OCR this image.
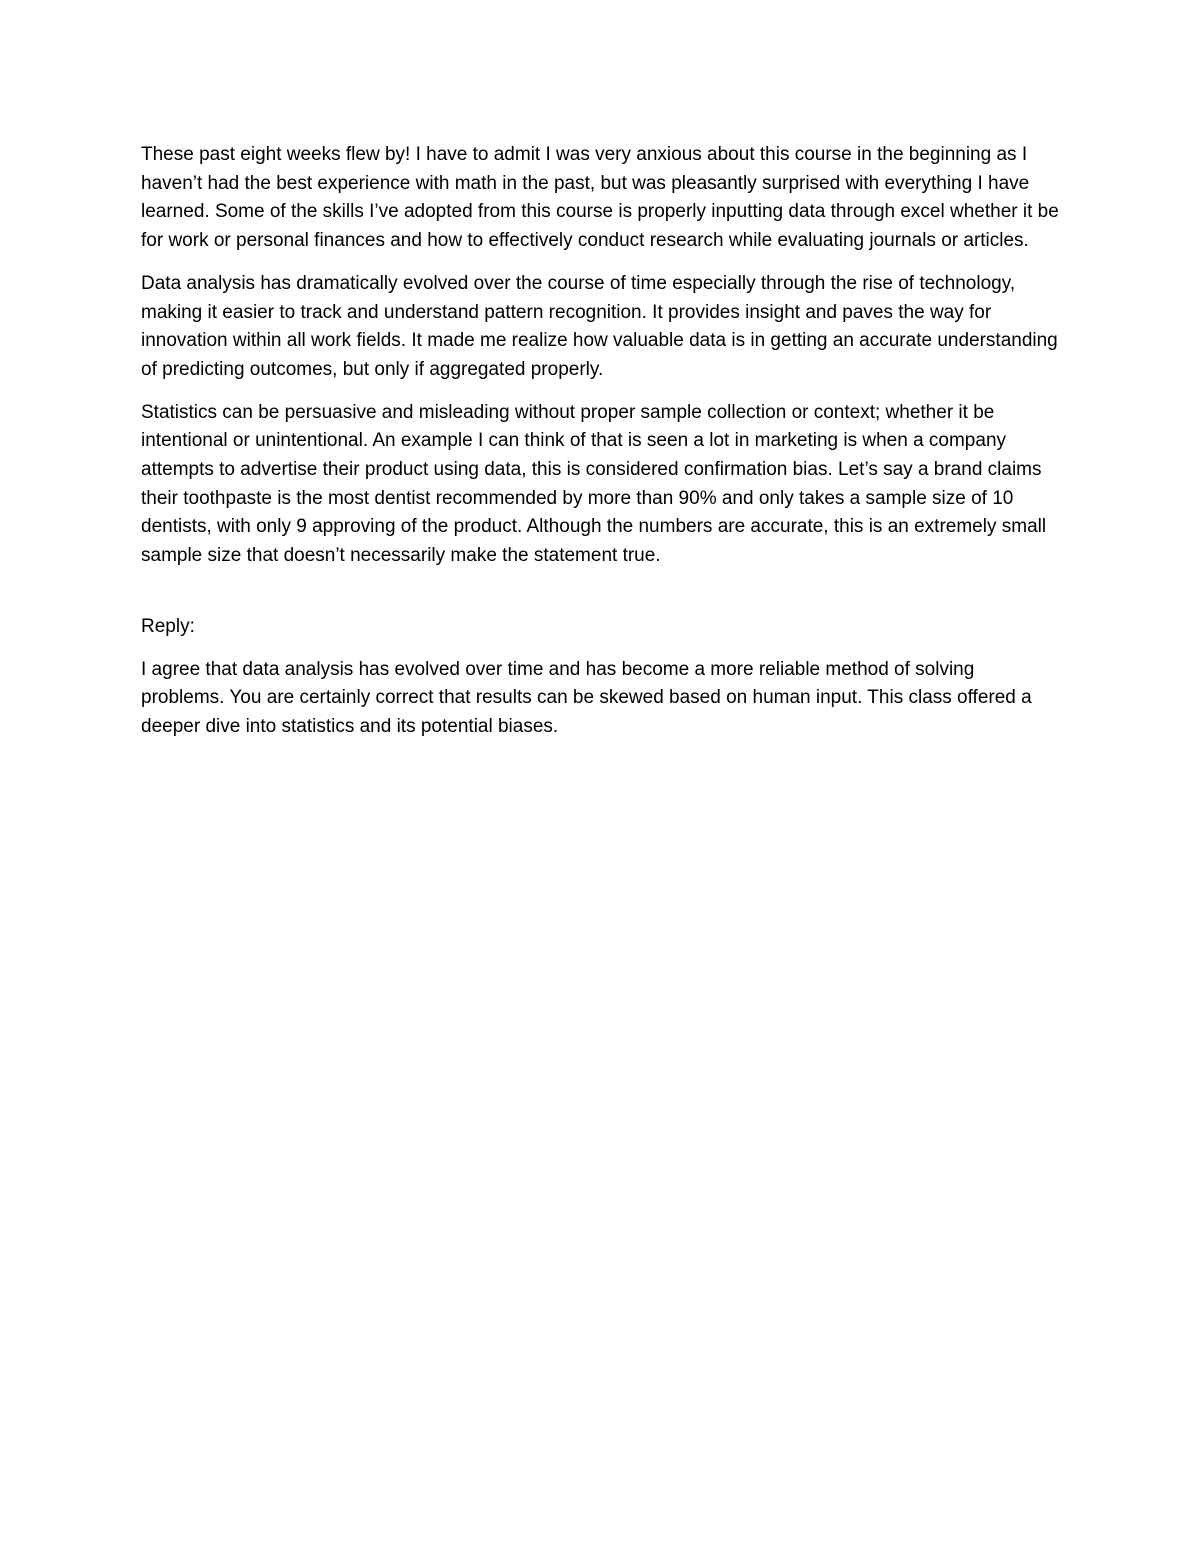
These past eight weeks flew by! I have to admit I was very anxious about this course in the beginning as I haven’t had the best experience with math in the past, but was pleasantly surprised with everything I have learned. Some of the skills I’ve adopted from this course is properly inputting data through excel whether it be for work or personal finances and how to effectively conduct research while evaluating journals or articles.

Data analysis has dramatically evolved over the course of time especially through the rise of technology, making it easier to track and understand pattern recognition. It provides insight and paves the way for innovation within all work fields. It made me realize how valuable data is in getting an accurate understanding of predicting outcomes, but only if aggregated properly.

Statistics can be persuasive and misleading without proper sample collection or context; whether it be intentional or unintentional. An example I can think of that is seen a lot in marketing is when a company attempts to advertise their product using data, this is considered confirmation bias. Let’s say a brand claims their toothpaste is the most dentist recommended by more than 90% and only takes a sample size of 10 dentists, with only 9 approving of the product. Although the numbers are accurate, this is an extremely small sample size that doesn’t necessarily make the statement true.

Reply:

I agree that data analysis has evolved over time and has become a more reliable method of solving problems. You are certainly correct that results can be skewed based on human input. This class offered a deeper dive into statistics and its potential biases.
